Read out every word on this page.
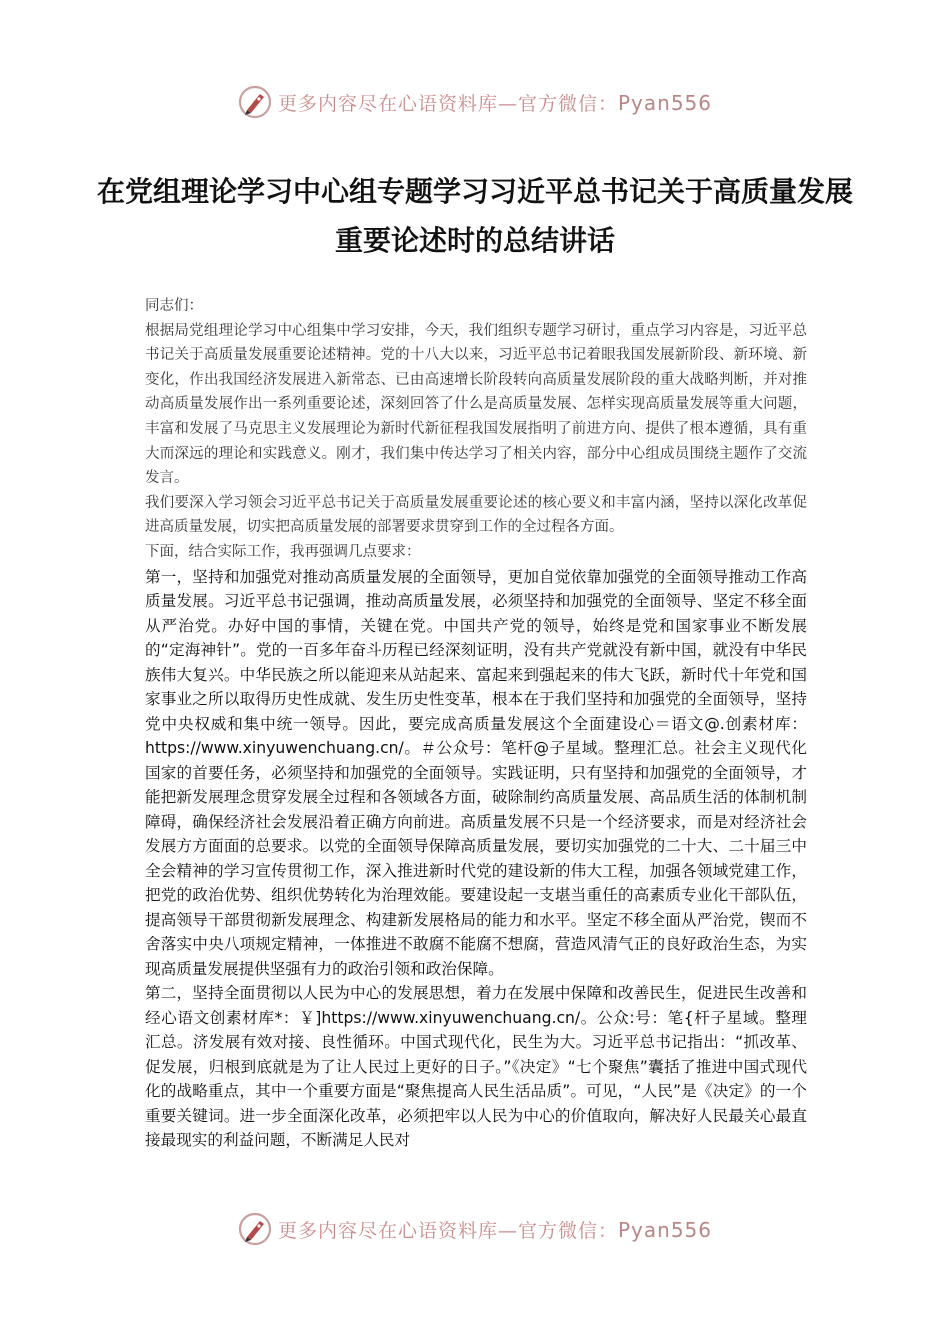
更多内容尽在心语资料库—官方微信：Pyan556
在党组理论学习中心组专题学习习近平总书记关于高质量发展重要论述时的总结讲话

同志们：

根据局党组理论学习中心组集中学习安排，今天，我们组织专题学习研讨，重点学习内容是，习近平总书记关于高质量发展重要论述精神。党的十八大以来，习近平总书记着眼我国发展新阶段、新环境、新变化，作出我国经济发展进入新常态、已由高速增长阶段转向高质量发展阶段的重大战略判断，并对推动高质量发展作出一系列重要论述，深刻回答了什么是高质量发展、怎样实现高质量发展等重大问题，丰富和发展了马克思主义发展理论为新时代新征程我国发展指明了前进方向、提供了根本遵循，具有重大而深远的理论和实践意义。刚才，我们集中传达学习了相关内容，部分中心组成员围绕主题作了交流发言。

我们要深入学习领会习近平总书记关于高质量发展重要论述的核心要义和丰富内涵，坚持以深化改革促进高质量发展，切实把高质量发展的部署要求贯穿到工作的全过程各方面。

下面，结合实际工作，我再强调几点要求：

第一，坚持和加强党对推动高质量发展的全面领导，更加自觉依靠加强党的全面领导推动工作高质量发展。习近平总书记强调，推动高质量发展，必须坚持和加强党的全面领导、坚定不移全面从严治党。办好中国的事情，关键在党。中国共产党的领导，始终是党和国家事业不断发展的“定海神针”。党的一百多年奋斗历程已经深刻证明，没有共产党就没有新中国，就没有中华民族伟大复兴。中华民族之所以能迎来从站起来、富起来到强起来的伟大飞跃，新时代十年党和国家事业之所以取得历史性成就、发生历史性变革，根本在于我们坚持和加强党的全面领导，坚持党中央权威和集中统一领导。因此，要完成高质量发展这个全面建设心＝语文@.创素材库：https://www.xinyuwenchuang.cn/。＃公众号：笔杆@子星域。整理汇总。社会主义现代化国家的首要任务，必须坚持和加强党的全面领导。实践证明，只有坚持和加强党的全面领导，才能把新发展理念贯穿发展全过程和各领域各方面，破除制约高质量发展、高品质生活的体制机制障碍，确保经济社会发展沿着正确方向前进。高质量发展不只是一个经济要求，而是对经济社会发展方方面面的总要求。以党的全面领导保障高质量发展，要切实加强党的二十大、二十届三中全会精神的学习宣传贯彻工作，深入推进新时代党的建设新的伟大工程，加强各领域党建工作，把党的政治优势、组织优势转化为治理效能。要建设起一支堪当重任的高素质专业化干部队伍，提高领导干部贯彻新发展理念、构建新发展格局的能力和水平。坚定不移全面从严治党，锲而不舍落实中央八项规定精神，一体推进不敢腐不能腐不想腐，营造风清气正的良好政治生态，为实现高质量发展提供坚强有力的政治引领和政治保障。

第二，坚持全面贯彻以人民为中心的发展思想，着力在发展中保障和改善民生，促进民生改善和经心语文创素材库*：￥]https://www.xinyuwenchuang.cn/。公众:号：笔{杆子星域。整理汇总。济发展有效对接、良性循环。中国式现代化，民生为大。习近平总书记指出：“抓改革、促发展，归根到底就是为了让人民过上更好的日子。”《决定》“七个聚焦”囊括了推进中国式现代化的战略重点，其中一个重要方面是“聚焦提高人民生活品质”。可见，“人民”是《决定》的一个重要关键词。进一步全面深化改革，必须把牢以人民为中心的价值取向，解决好人民最关心最直接最现实的利益问题，不断满足人民对

更多内容尽在心语资料库—官方微信：Pyan556
